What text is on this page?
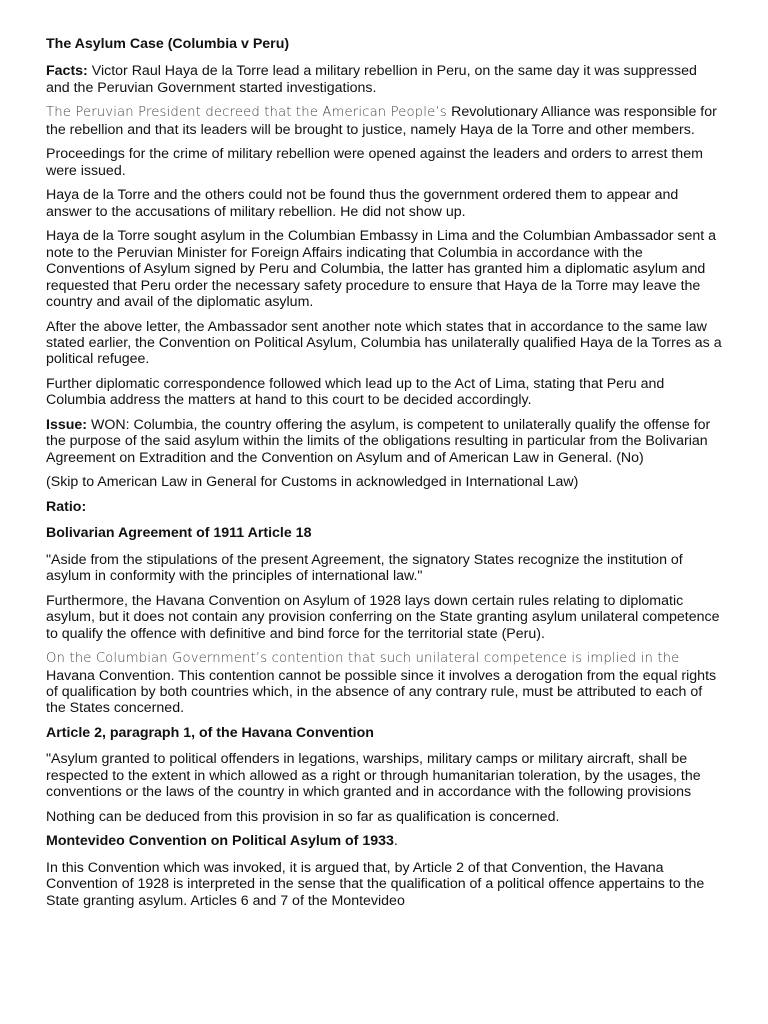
The Asylum Case (Columbia v Peru)

Facts: Victor Raul Haya de la Torre lead a military rebellion in Peru, on the same day it was suppressed and the Peruvian Government started investigations.

The Peruvian President decreed that the American People’s Revolutionary Alliance was responsible for the rebellion and that its leaders will be brought to justice, namely Haya de la Torre and other members.

Proceedings for the crime of military rebellion were opened against the leaders and orders to arrest them were issued.

Haya de la Torre and the others could not be found thus the government ordered them to appear and answer to the accusations of military rebellion. He did not show up.

Haya de la Torre sought asylum in the Columbian Embassy in Lima and the Columbian Ambassador sent a note to the Peruvian Minister for Foreign Affairs indicating that Columbia in accordance with the Conventions of Asylum signed by Peru and Columbia, the latter has granted him a diplomatic asylum and requested that Peru order the necessary safety procedure to ensure that Haya de la Torre may leave the country and avail of the diplomatic asylum.

After the above letter, the Ambassador sent another note which states that in accordance to the same law stated earlier, the Convention on Political Asylum, Columbia has unilaterally qualified Haya de la Torres as a political refugee.

Further diplomatic correspondence followed which lead up to the Act of Lima, stating that Peru and Columbia address the matters at hand to this court to be decided accordingly.

Issue: WON: Columbia, the country offering the asylum, is competent to unilaterally qualify the offense for the purpose of the said asylum within the limits of the obligations resulting in particular from the Bolivarian Agreement on Extradition and the Convention on Asylum and of American Law in General. (No)

(Skip to American Law in General for Customs in acknowledged in International Law)

Ratio:

Bolivarian Agreement of 1911 Article 18

"Aside from the stipulations of the present Agreement, the signatory States recognize the institution of asylum in conformity with the principles of international law."

Furthermore, the Havana Convention on Asylum of 1928 lays down certain rules relating to diplomatic asylum, but it does not contain any provision conferring on the State granting asylum unilateral competence to qualify the offence with definitive and bind force for the territorial state (Peru).

On the Columbian Government’s contention that such unilateral competence is implied in the Havana Convention. This contention cannot be possible since it involves a derogation from the equal rights of qualification by both countries which, in the absence of any contrary rule, must be attributed to each of the States concerned.

Article 2, paragraph 1, of the Havana Convention

"Asylum granted to political offenders in legations, warships, military camps or military aircraft, shall be respected to the extent in which allowed as a right or through humanitarian toleration, by the usages, the conventions or the laws of the country in which granted and in accordance with the following provisions

Nothing can be deduced from this provision in so far as qualification is concerned.

Montevideo Convention on Political Asylum of 1933.

In this Convention which was invoked, it is argued that, by Article 2 of that Convention, the Havana Convention of 1928 is interpreted in the sense that the qualification of a political offence appertains to the State granting asylum. Articles 6 and 7 of the Montevideo
